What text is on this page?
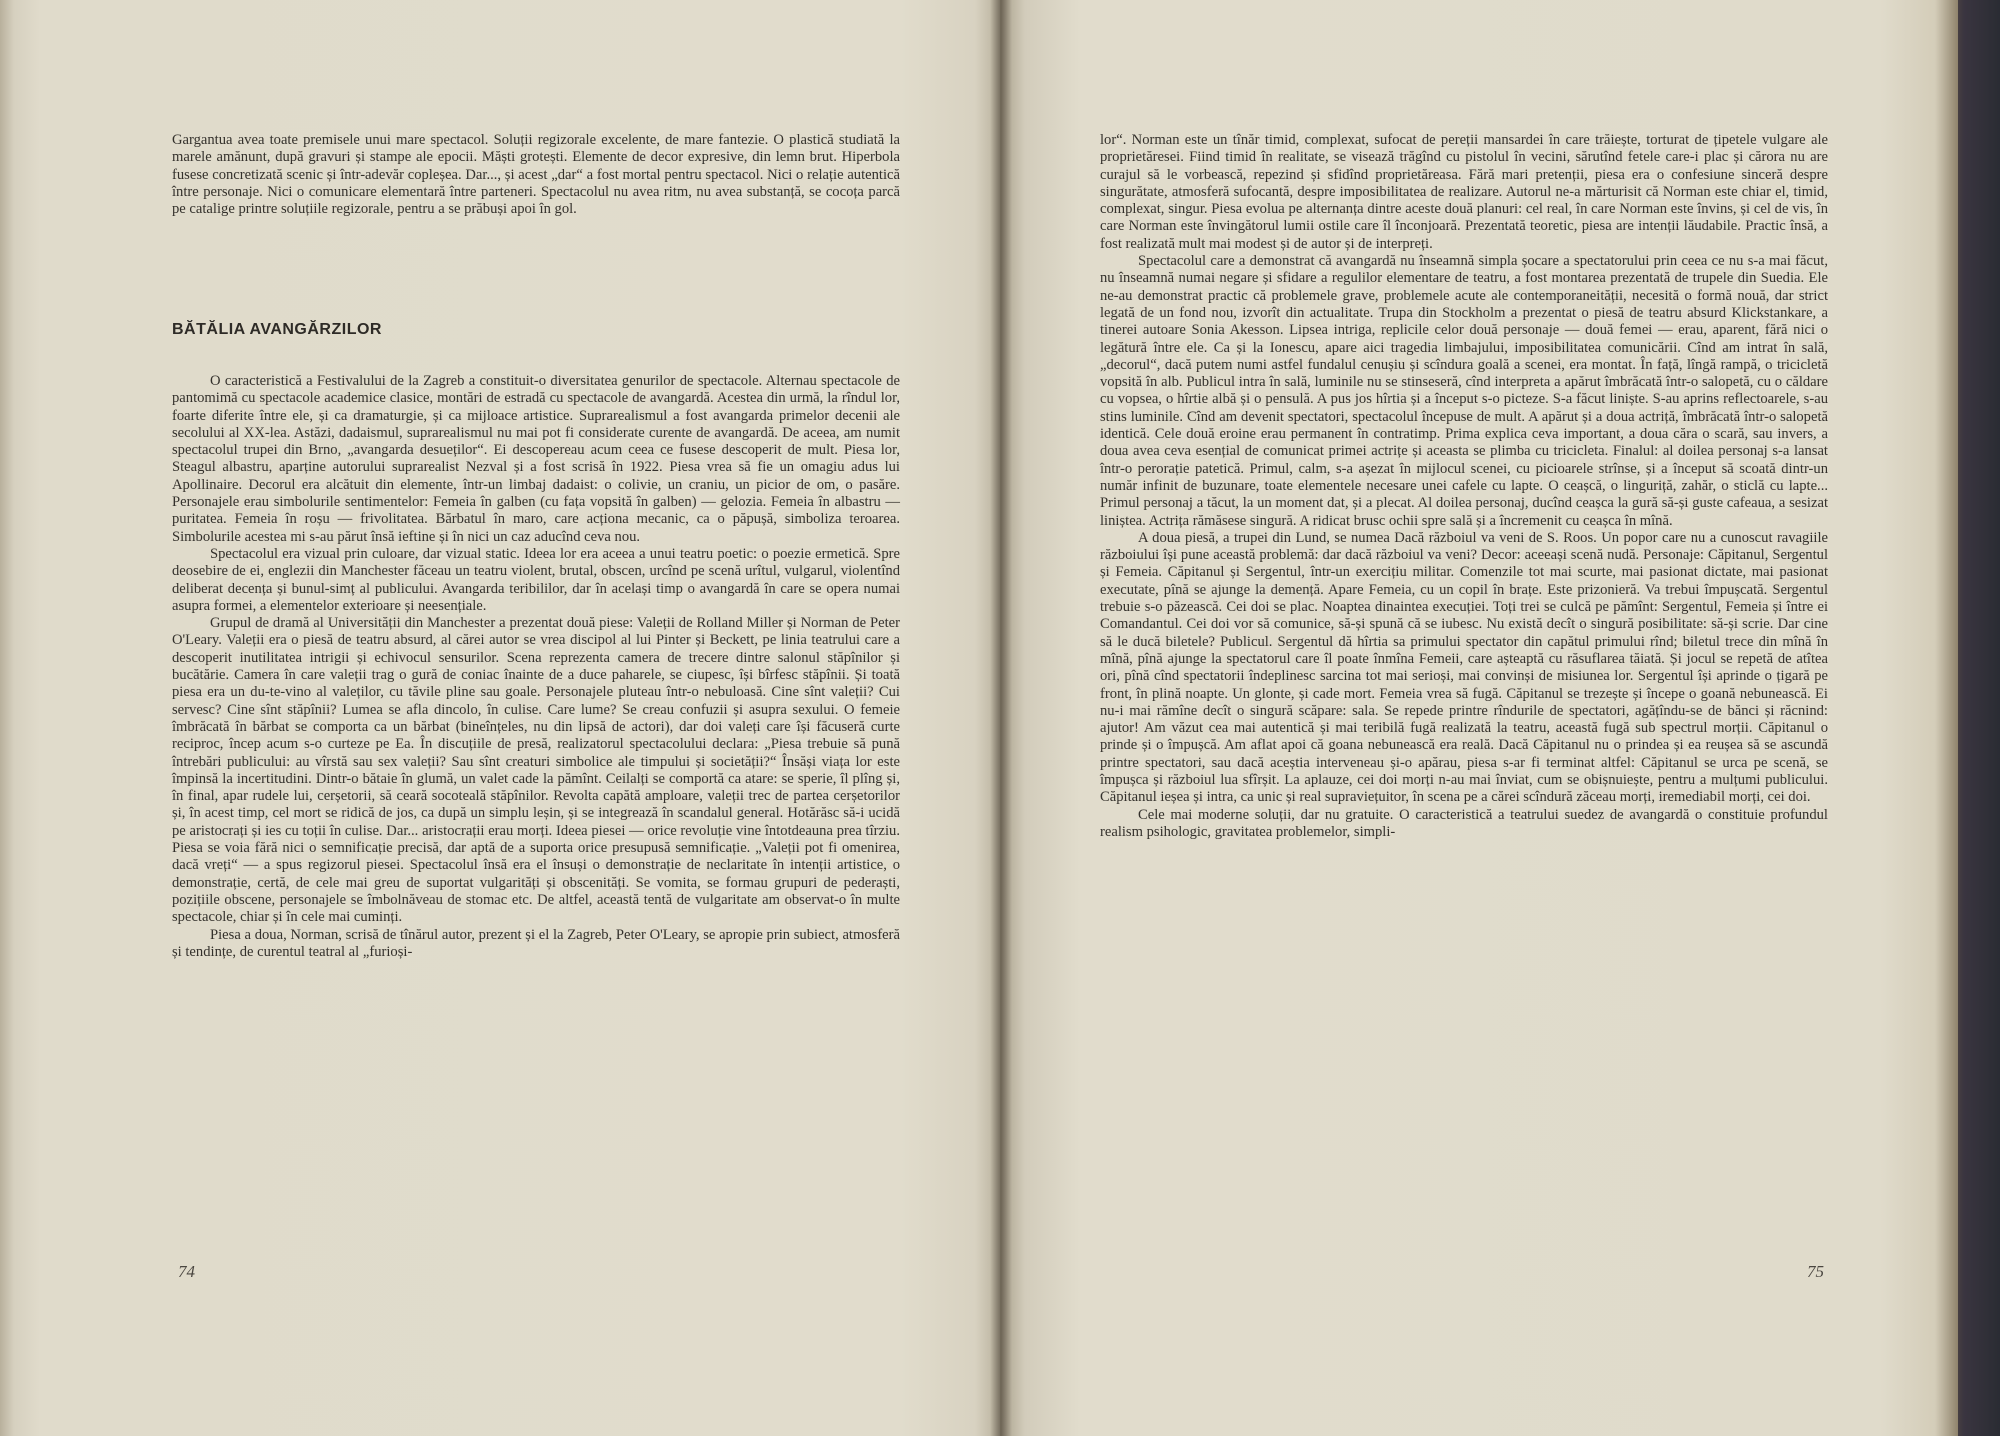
Gargantua avea toate premisele unui mare spectacol. Soluții regizorale excelente, de mare fantezie. O plastică studiată la marele amănunt, după gravuri și stampe ale epocii. Măști grotești. Elemente de decor expresive, din lemn brut. Hiperbola fusese concretizată scenic și într-adevăr copleșea. Dar..., și acest „dar“ a fost mortal pentru spectacol. Nici o relație autentică între personaje. Nici o comunicare elementară între parteneri. Spectacolul nu avea ritm, nu avea substanță, se cocoța parcă pe catalige printre soluțiile regizorale, pentru a se prăbuși apoi în gol.

BĂTĂLIA AVANGĂRZILOR

O caracteristică a Festivalului de la Zagreb a constituit-o diversitatea genurilor de spectacole. Alternau spectacole de pantomimă cu spectacole academice clasice, montări de estradă cu spectacole de avangardă. Acestea din urmă, la rîndul lor, foarte diferite între ele, și ca dramaturgie, și ca mijloace artistice. Suprarealismul a fost avangarda primelor decenii ale secolului al XX-lea. Astăzi, dadaismul, suprarealismul nu mai pot fi considerate curente de avangardă. De aceea, am numit spectacolul trupei din Brno, „avangarda desueților“. Ei descopereau acum ceea ce fusese descoperit de mult. Piesa lor, Steagul albastru, aparține autorului suprarealist Nezval și a fost scrisă în 1922. Piesa vrea să fie un omagiu adus lui Apollinaire. Decorul era alcătuit din elemente, într-un limbaj dadaist: o colivie, un craniu, un picior de om, o pasăre. Personajele erau simbolurile sentimentelor: Femeia în galben (cu fața vopsită în galben) — gelozia. Femeia în albastru — puritatea. Femeia în roșu — frivolitatea. Bărbatul în maro, care acționa mecanic, ca o păpușă, simboliza teroarea. Simbolurile acestea mi s-au părut însă ieftine și în nici un caz aducînd ceva nou.

Spectacolul era vizual prin culoare, dar vizual static. Ideea lor era aceea a unui teatru poetic: o poezie ermetică. Spre deosebire de ei, englezii din Manchester făceau un teatru violent, brutal, obscen, urcînd pe scenă urîtul, vulgarul, violentînd deliberat decența și bunul-simț al publicului. Avangarda teribililor, dar în același timp o avangardă în care se opera numai asupra formei, a elementelor exterioare și neesențiale.

Grupul de dramă al Universității din Manchester a prezentat două piese: Valeții de Rolland Miller și Norman de Peter O'Leary. Valeții era o piesă de teatru absurd, al cărei autor se vrea discipol al lui Pinter și Beckett, pe linia teatrului care a descoperit inutilitatea intrigii și echivocul sensurilor. Scena reprezenta camera de trecere dintre salonul stăpînilor și bucătărie. Camera în care valeții trag o gură de coniac înainte de a duce paharele, se ciupesc, își bîrfesc stăpînii. Și toată piesa era un du-te-vino al valeților, cu tăvile pline sau goale. Personajele pluteau într-o nebuloasă. Cine sînt valeții? Cui servesc? Cine sînt stăpînii? Lumea se afla dincolo, în culise. Care lume? Se creau confuzii și asupra sexului. O femeie îmbrăcată în bărbat se comporta ca un bărbat (bineînțeles, nu din lipsă de actori), dar doi valeți care își făcuseră curte reciproc, încep acum s-o curteze pe Ea. În discuțiile de presă, realizatorul spectacolului declara: „Piesa trebuie să pună întrebări publicului: au vîrstă sau sex valeții? Sau sînt creaturi simbolice ale timpului și societății?“ Însăși viața lor este împinsă la incertitudini. Dintr-o bătaie în glumă, un valet cade la pămînt. Ceilalți se comportă ca atare: se sperie, îl plîng și, în final, apar rudele lui, cerșetorii, să ceară socoteală stăpînilor. Revolta capătă amploare, valeții trec de partea cerșetorilor și, în acest timp, cel mort se ridică de jos, ca după un simplu leșin, și se integrează în scandalul general. Hotărăsc să-i ucidă pe aristocrați și ies cu toții în culise. Dar... aristocrații erau morți. Ideea piesei — orice revoluție vine întotdeauna prea tîrziu. Piesa se voia fără nici o semnificație precisă, dar aptă de a suporta orice presupusă semnificație. „Valeții pot fi omenirea, dacă vreți“ — a spus regizorul piesei. Spectacolul însă era el însuși o demonstrație de neclaritate în intenții artistice, o demonstrație, certă, de cele mai greu de suportat vulgarități și obscenități. Se vomita, se formau grupuri de pederaști, pozițiile obscene, personajele se îmbolnăveau de stomac etc. De altfel, această tentă de vulgaritate am observat-o în multe spectacole, chiar și în cele mai cuminți.

Piesa a doua, Norman, scrisă de tînărul autor, prezent și el la Zagreb, Peter O'Leary, se apropie prin subiect, atmosferă și tendințe, de curentul teatral al „furioși-

74

lor“. Norman este un tînăr timid, complexat, sufocat de pereții mansardei în care trăiește, torturat de țipetele vulgare ale proprietăresei. Fiind timid în realitate, se visează trăgînd cu pistolul în vecini, sărutînd fetele care-i plac și cărora nu are curajul să le vorbească, repezind și sfidînd proprietăreasa. Fără mari pretenții, piesa era o confesiune sinceră despre singurătate, atmosferă sufocantă, despre imposibilitatea de realizare. Autorul ne-a mărturisit că Norman este chiar el, timid, complexat, singur. Piesa evolua pe alternanța dintre aceste două planuri: cel real, în care Norman este învins, și cel de vis, în care Norman este învingătorul lumii ostile care îl înconjoară. Prezentată teoretic, piesa are intenții lăudabile. Practic însă, a fost realizată mult mai modest și de autor și de interpreți.

Spectacolul care a demonstrat că avangardă nu înseamnă simpla șocare a spectatorului prin ceea ce nu s-a mai făcut, nu înseamnă numai negare și sfidare a regulilor elementare de teatru, a fost montarea prezentată de trupele din Suedia. Ele ne-au demonstrat practic că problemele grave, problemele acute ale contemporaneității, necesită o formă nouă, dar strict legată de un fond nou, izvorît din actualitate. Trupa din Stockholm a prezentat o piesă de teatru absurd Klickstankare, a tinerei autoare Sonia Akesson. Lipsea intriga, replicile celor două personaje — două femei — erau, aparent, fără nici o legătură între ele. Ca și la Ionescu, apare aici tragedia limbajului, imposibilitatea comunicării. Cînd am intrat în sală, „decorul“, dacă putem numi astfel fundalul cenușiu și scîndura goală a scenei, era montat. În față, lîngă rampă, o tricicletă vopsită în alb. Publicul intra în sală, luminile nu se stinseseră, cînd interpreta a apărut îmbrăcată într-o salopetă, cu o căldare cu vopsea, o hîrtie albă și o pensulă. A pus jos hîrtia și a început s-o picteze. S-a făcut liniște. S-au aprins reflectoarele, s-au stins luminile. Cînd am devenit spectatori, spectacolul începuse de mult. A apărut și a doua actriță, îmbrăcată într-o salopetă identică. Cele două eroine erau permanent în contratimp. Prima explica ceva important, a doua căra o scară, sau invers, a doua avea ceva esențial de comunicat primei actrițe și aceasta se plimba cu tricicleta. Finalul: al doilea personaj s-a lansat într-o perorație patetică. Primul, calm, s-a așezat în mijlocul scenei, cu picioarele strînse, și a început să scoată dintr-un număr infinit de buzunare, toate elementele necesare unei cafele cu lapte. O ceașcă, o linguriță, zahăr, o sticlă cu lapte... Primul personaj a tăcut, la un moment dat, și a plecat. Al doilea personaj, ducînd ceașca la gură să-și guste cafeaua, a sesizat liniștea. Actrița rămăsese singură. A ridicat brusc ochii spre sală și a încremenit cu ceașca în mînă.

A doua piesă, a trupei din Lund, se numea Dacă războiul va veni de S. Roos. Un popor care nu a cunoscut ravagiile războiului își pune această problemă: dar dacă războiul va veni? Decor: aceeași scenă nudă. Personaje: Căpitanul, Sergentul și Femeia. Căpitanul și Sergentul, într-un exercițiu militar. Comenzile tot mai scurte, mai pasionat dictate, mai pasionat executate, pînă se ajunge la demență. Apare Femeia, cu un copil în brațe. Este prizonieră. Va trebui împușcată. Sergentul trebuie s-o păzească. Cei doi se plac. Noaptea dinaintea execuției. Toți trei se culcă pe pămînt: Sergentul, Femeia și între ei Comandantul. Cei doi vor să comunice, să-și spună că se iubesc. Nu există decît o singură posibilitate: să-și scrie. Dar cine să le ducă biletele? Publicul. Sergentul dă hîrtia sa primului spectator din capătul primului rînd; biletul trece din mînă în mînă, pînă ajunge la spectatorul care îl poate înmîna Femeii, care așteaptă cu răsuflarea tăiată. Și jocul se repetă de atîtea ori, pînă cînd spectatorii îndeplinesc sarcina tot mai serioși, mai convinși de misiunea lor. Sergentul își aprinde o țigară pe front, în plină noapte. Un glonte, și cade mort. Femeia vrea să fugă. Căpitanul se trezește și începe o goană nebunească. Ei nu-i mai rămîne decît o singură scăpare: sala. Se repede printre rîndurile de spectatori, agățîndu-se de bănci și răcnind: ajutor! Am văzut cea mai autentică și mai teribilă fugă realizată la teatru, această fugă sub spectrul morții. Căpitanul o prinde și o împușcă. Am aflat apoi că goana nebunească era reală. Dacă Căpitanul nu o prindea și ea reușea să se ascundă printre spectatori, sau dacă aceștia interveneau și-o apărau, piesa s-ar fi terminat altfel: Căpitanul se urca pe scenă, se împușca și războiul lua sfîrșit. La aplauze, cei doi morți n-au mai înviat, cum se obișnuiește, pentru a mulțumi publicului. Căpitanul ieșea și intra, ca unic și real supraviețuitor, în scena pe a cărei scîndură zăceau morți, iremediabil morți, cei doi.

Cele mai moderne soluții, dar nu gratuite. O caracteristică a teatrului suedez de avangardă o constituie profundul realism psihologic, gravitatea problemelor, simpli-

75
